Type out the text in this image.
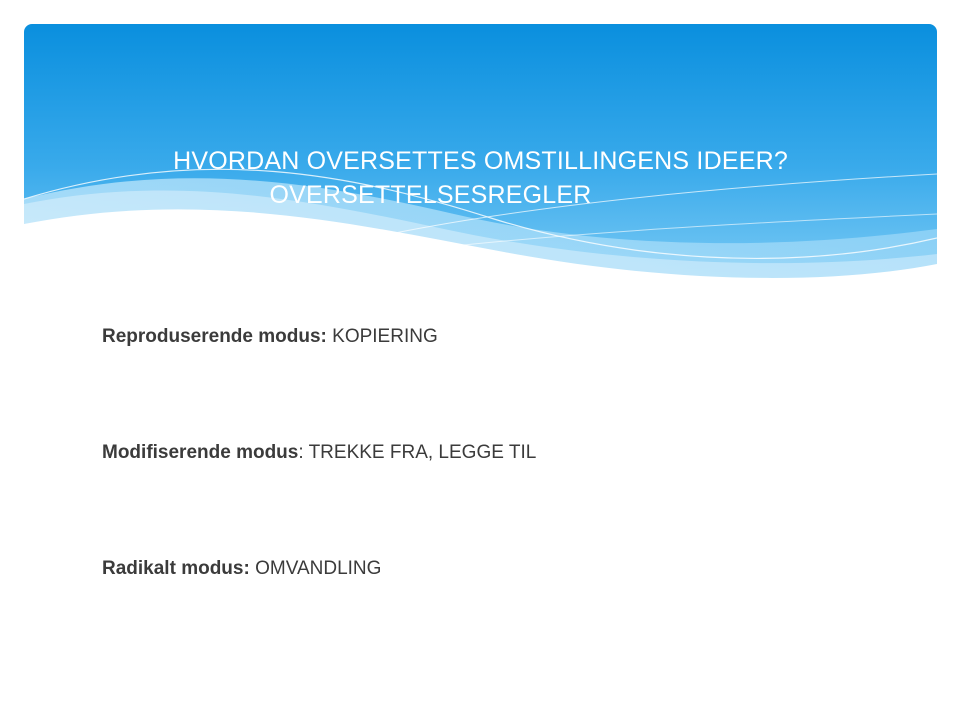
HVORDAN OVERSETTES OMSTILLINGENS IDEER?
OVERSETTELSESREGLER
Reproduserende modus: KOPIERING
Modifiserende modus: TREKKE FRA, LEGGE TIL
Radikalt modus: OMVANDLING
